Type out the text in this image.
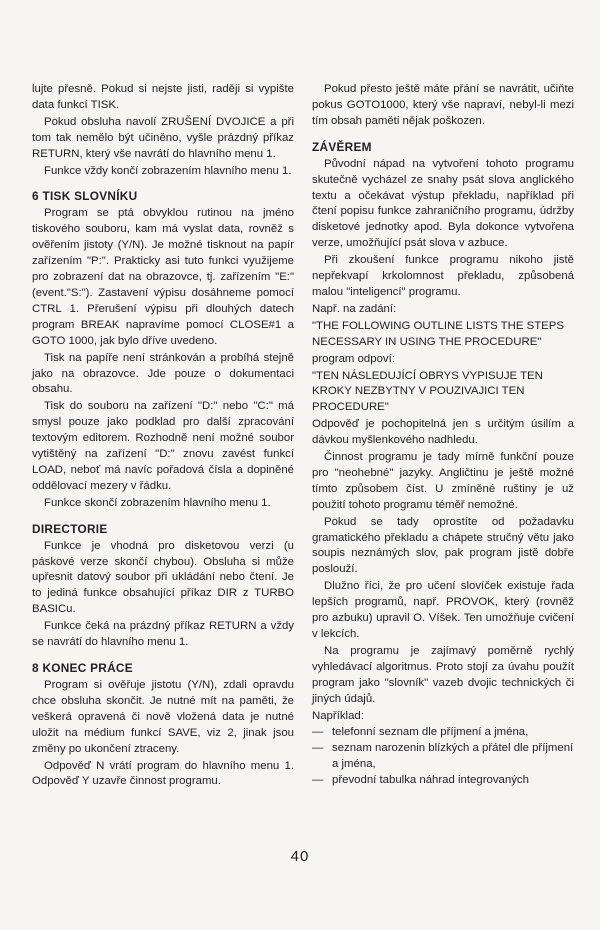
lujte přesně. Pokud si nejste jisti, raději si vypište data funkcí TISK.

Pokud obsluha navolí ZRUŠENÍ DVOJICE a při tom tak nemělo být učiněno, vyšle prázdný příkaz RETURN, který vše navrátí do hlavního menu 1.

Funkce vždy končí zobrazením hlavního menu 1.

6 TISK SLOVNÍKU

Program se ptá obvyklou rutinou na jméno tiskového souboru, kam má vyslat data, rovněž s ověřením jistoty (Y/N). Je možné tisknout na papír zařízením "P:". Prakticky asi tuto funkci využijeme pro zobrazení dat na obrazovce, tj. zařízením "E:" (event."S:"). Zastavení výpisu dosáhneme pomocí CTRL 1. Přerušení výpisu při dlouhých datech program BREAK napravíme pomocí CLOSE#1 a GOTO 1000, jak bylo dříve uvedeno.

Tisk na papíře není stránkován a probíhá stejně jako na obrazovce. Jde pouze o dokumentaci obsahu.

Tisk do souboru na zařízení "D:" nebo "C:" má smysl pouze jako podklad pro další zpracování textovým editorem. Rozhodně není možné soubor vytištěný na zařízení "D:" znovu zavést funkcí LOAD, neboť má navíc pořadová čísla a dopiněné oddělovací mezery v řádku.

Funkce skončí zobrazením hlavního menu 1.

DIRECTORIE

Funkce je vhodná pro disketovou verzi (u páskové verze skončí chybou). Obsluha si může upřesnit datový soubor při ukládání nebo čtení. Je to jediná funkce obsahující příkaz DIR z TURBO BASICu.

Funkce čeká na prázdný příkaz RETURN a vždy se navrátí do hlavního menu 1.

8 KONEC PRÁCE

Program si ověřuje jistotu (Y/N), zdali opravdu chce obsluha skončit. Je nutné mít na paměti, že veškerá opravená či nově vložená data je nutné uložit na médium funkcí SAVE, viz 2, jinak jsou změny po ukončení ztraceny.

Odpověď N vrátí program do hlavního menu 1. Odpověď Y uzavře činnost programu.

Pokud přesto ještě máte přání se navrátit, učiňte pokus GOTO1000, který vše napraví, nebyl-li mezi tím obsah paměti nějak poškozen.

ZÁVĚREM

Původní nápad na vytvoření tohoto programu skutečně vycházel ze snahy psát slova anglického textu a očekávat výstup překladu, například při čtení popisu funkce zahraničního programu, údržby disketové jednotky apod. Byla dokonce vytvořena verze, umožňující psát slova v azbuce.

Při zkoušení funkce programu nikoho jistě nepřekvapí krkolomnost překladu, způsobená malou "inteligencí" programu.

Např. na zadání:

"THE FOLLOWING OUTLINE LISTS THE STEPS NECESSARY IN USING THE PROCEDURE"

program odpoví:

"TEN NÁSLEDUJÍCÍ OBRYS VYPISUJE TEN KROKY NEZBYTNY V POUZIVAJICI TEN PROCEDURE"

Odpověď je pochopitelná jen s určitým úsilím a dávkou myšlenkového nadhledu.

Činnost programu je tady mírně funkční pouze pro "neohebné" jazyky. Angličtinu je ještě možné tímto způsobem číst. U zmíněné ruštiny je už použití tohoto programu téměř nemožné.

Pokud se tady oprostíte od požadavku gramatického překladu a chápete stručný větu jako soupis neznámých slov, pak program jistě dobře poslouží.

Dlužno říci, že pro učení slovíček existuje řada lepších programů, např. PROVOK, který (rovněž pro azbuku) upravil O. Víšek. Ten umožňuje cvičení v lekcích.

Na programu je zajímavý poměrně rychlý vyhledávací algoritmus. Proto stojí za úvahu použít program jako "slovník" vazeb dvojic technických či jiných údajů.

Například:

— telefonní seznam dle příjmení a jména,
— seznam narozenin blízkých a přátel dle příjmení a jména,
— převodní tabulka náhrad integrovaných
40
